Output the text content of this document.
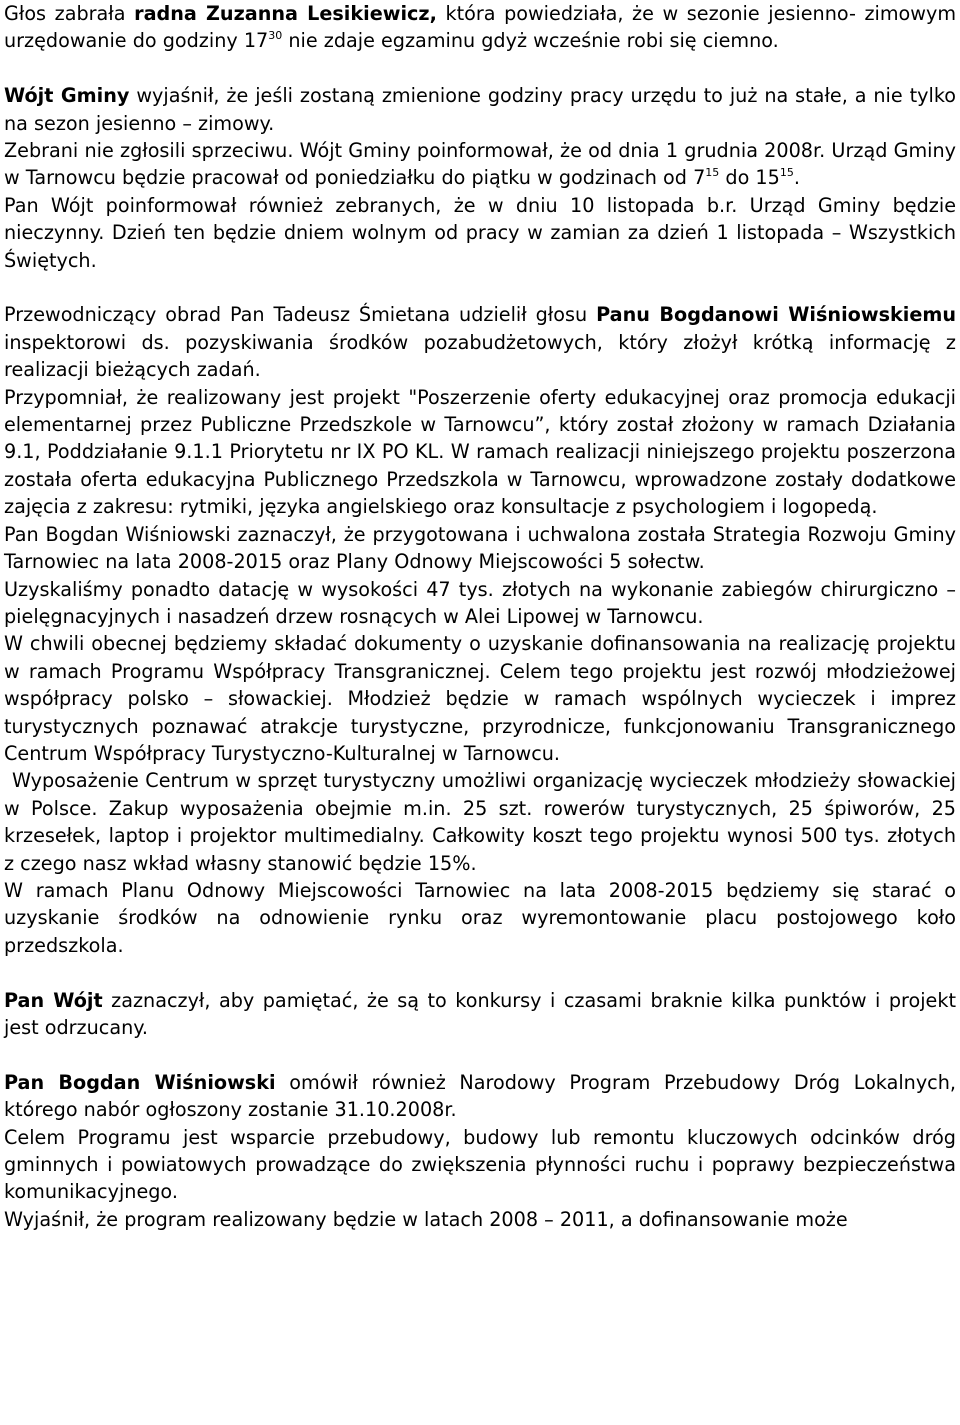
Głos zabrała radna Zuzanna Lesikiewicz, która powiedziała, że w sezonie jesienno- zimowym urzędowanie do godziny $17^{30}$ nie zdaje egzaminu gdyż wcześnie robi się ciemno.

Wójt Gminy wyjaśnił, że jeśli zostaną zmienione godziny pracy urzędu to już na stałe, a nie tylko na sezon jesienno – zimowy.

Zebrani nie zgłosili sprzeciwu. Wójt Gminy poinformował, że od dnia 1 grudnia 2008r. Urząd Gminy w Tarnowcu będzie pracował od poniedziałku do piątku w godzinach od $7^{15}$ do $15^{15}$.

Pan Wójt poinformował również zebranych, że w dniu 10 listopada b.r. Urząd Gminy będzie nieczynny. Dzień ten będzie dniem wolnym od pracy w zamian za dzień 1 listopada – Wszystkich Świętych.

Przewodniczący obrad Pan Tadeusz Śmietana udzielił głosu Panu Bogdanowi Wiśniowskiemu inspektorowi ds. pozyskiwania środków pozabudżetowych, który złożył krótką informację z realizacji bieżących zadań.

Przypomniał, że realizowany jest projekt "Poszerzenie oferty edukacyjnej oraz promocja edukacji elementarnej przez Publiczne Przedszkole w Tarnowcu”, który został złożony w ramach Działania 9.1, Poddziałanie 9.1.1 Priorytetu nr IX PO KL. W ramach realizacji niniejszego projektu poszerzona została oferta edukacyjna Publicznego Przedszkola w Tarnowcu, wprowadzone zostały dodatkowe zajęcia z zakresu: rytmiki, języka angielskiego oraz konsultacje z psychologiem i logopedą.

Pan Bogdan Wiśniowski zaznaczył, że przygotowana i uchwalona została Strategia Rozwoju Gminy Tarnowiec na lata 2008-2015 oraz Plany Odnowy Miejscowości 5 sołectw.

Uzyskaliśmy ponadto datację w wysokości 47 tys. złotych na wykonanie zabiegów chirurgiczno – pielęgnacyjnych i nasadzeń drzew rosnących w Alei Lipowej w Tarnowcu.

W chwili obecnej będziemy składać dokumenty o uzyskanie dofinansowania na realizację projektu w ramach Programu Współpracy Transgranicznej. Celem tego projektu jest rozwój młodzieżowej współpracy polsko – słowackiej. Młodzież będzie w ramach wspólnych wycieczek i imprez turystycznych poznawać atrakcje turystyczne, przyrodnicze, funkcjonowaniu Transgranicznego Centrum Współpracy Turystyczno-Kulturalnej w Tarnowcu.

Wyposażenie Centrum w sprzęt turystyczny umożliwi organizację wycieczek młodzieży słowackiej w Polsce. Zakup wyposażenia obejmie m.in. 25 szt. rowerów turystycznych, 25 śpiworów, 25 krzesełek, laptop i projektor multimedialny. Całkowity koszt tego projektu wynosi 500 tys. złotych z czego nasz wkład własny stanowić będzie 15%.

W ramach Planu Odnowy Miejscowości Tarnowiec na lata 2008-2015 będziemy się starać o uzyskanie środków na odnowienie rynku oraz wyremontowanie placu postojowego koło przedszkola.

Pan Wójt zaznaczył, aby pamiętać, że są to konkursy i czasami braknie kilka punktów i projekt jest odrzucany.

Pan Bogdan Wiśniowski omówił również Narodowy Program Przebudowy Dróg Lokalnych, którego nabór ogłoszony zostanie 31.10.2008r.

Celem Programu jest wsparcie przebudowy, budowy lub remontu kluczowych odcinków dróg gminnych i powiatowych prowadzące do zwiększenia płynności ruchu i poprawy bezpieczeństwa komunikacyjnego.

Wyjaśnił, że program realizowany będzie w latach 2008 – 2011, a dofinansowanie może
